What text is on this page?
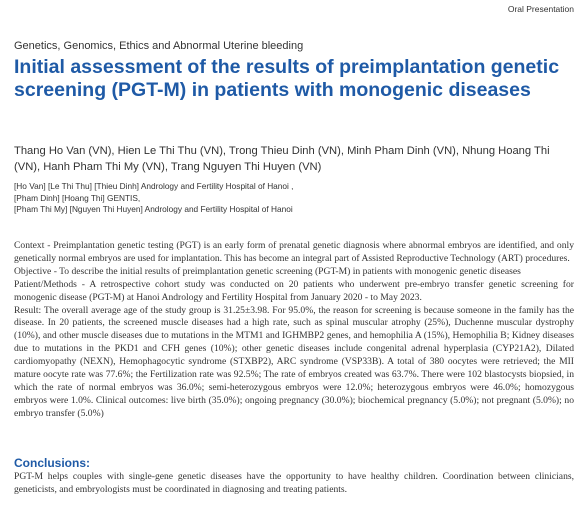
Oral Presentation
Genetics, Genomics, Ethics and Abnormal Uterine bleeding
Initial assessment of the results of preimplantation genetic screening (PGT-M) in patients with monogenic diseases
Thang Ho Van (VN), Hien Le Thi Thu (VN), Trong Thieu Dinh (VN), Minh Pham Dinh (VN), Nhung Hoang Thi (VN), Hanh Pham Thi My (VN), Trang Nguyen Thi Huyen (VN)
[Ho Van] [Le Thi Thu] [Thieu Dinh] Andrology and Fertility Hospital of Hanoi ,
[Pham Dinh] [Hoang Thi] GENTIS,
[Pham Thi My] [Nguyen Thi Huyen] Andrology and Fertility Hospital of Hanoi

Context - Preimplantation genetic testing (PGT) is an early form of prenatal genetic diagnosis where abnormal embryos are identified, and only genetically normal embryos are used for implantation. This has become an integral part of Assisted Reproductive Technology (ART) procedures.

Objective - To describe the initial results of preimplantation genetic screening (PGT-M) in patients with monogenic genetic diseases

Patient/Methods - A retrospective cohort study was conducted on 20 patients who underwent pre-embryo transfer genetic screening for monogenic disease (PGT-M) at Hanoi Andrology and Fertility Hospital from January 2020 - to May 2023.

Result: The overall average age of the study group is 31.25±3.98. For 95.0%, the reason for screening is because someone in the family has the disease. In 20 patients, the screened muscle diseases had a high rate, such as spinal muscular atrophy (25%), Duchenne muscular dystrophy (10%), and other muscle diseases due to mutations in the MTM1 and IGHMBP2 genes, and hemophilia A (15%), Hemophilia B; Kidney diseases due to mutations in the PKD1 and CFH genes (10%); other genetic diseases include congenital adrenal hyperplasia (CYP21A2), Dilated cardiomyopathy (NEXN), Hemophagocytic syndrome (STXBP2), ARC syndrome (VSP33B). A total of 380 oocytes were retrieved; the MII mature oocyte rate was 77.6%; the Fertilization rate was 92.5%; The rate of embryos created was 63.7%. There were 102 blastocysts biopsied, in which the rate of normal embryos was 36.0%; semi-heterozygous embryos were 12.0%; heterozygous embryos were 46.0%; homozygous embryos were 1.0%. Clinical outcomes: live birth (35.0%); ongoing pregnancy (30.0%); biochemical pregnancy (5.0%); not pregnant (5.0%); no embryo transfer (5.0%)

Conclusions:
PGT-M helps couples with single-gene genetic diseases have the opportunity to have healthy children. Coordination between clinicians, geneticists, and embryologists must be coordinated in diagnosing and treating patients.
